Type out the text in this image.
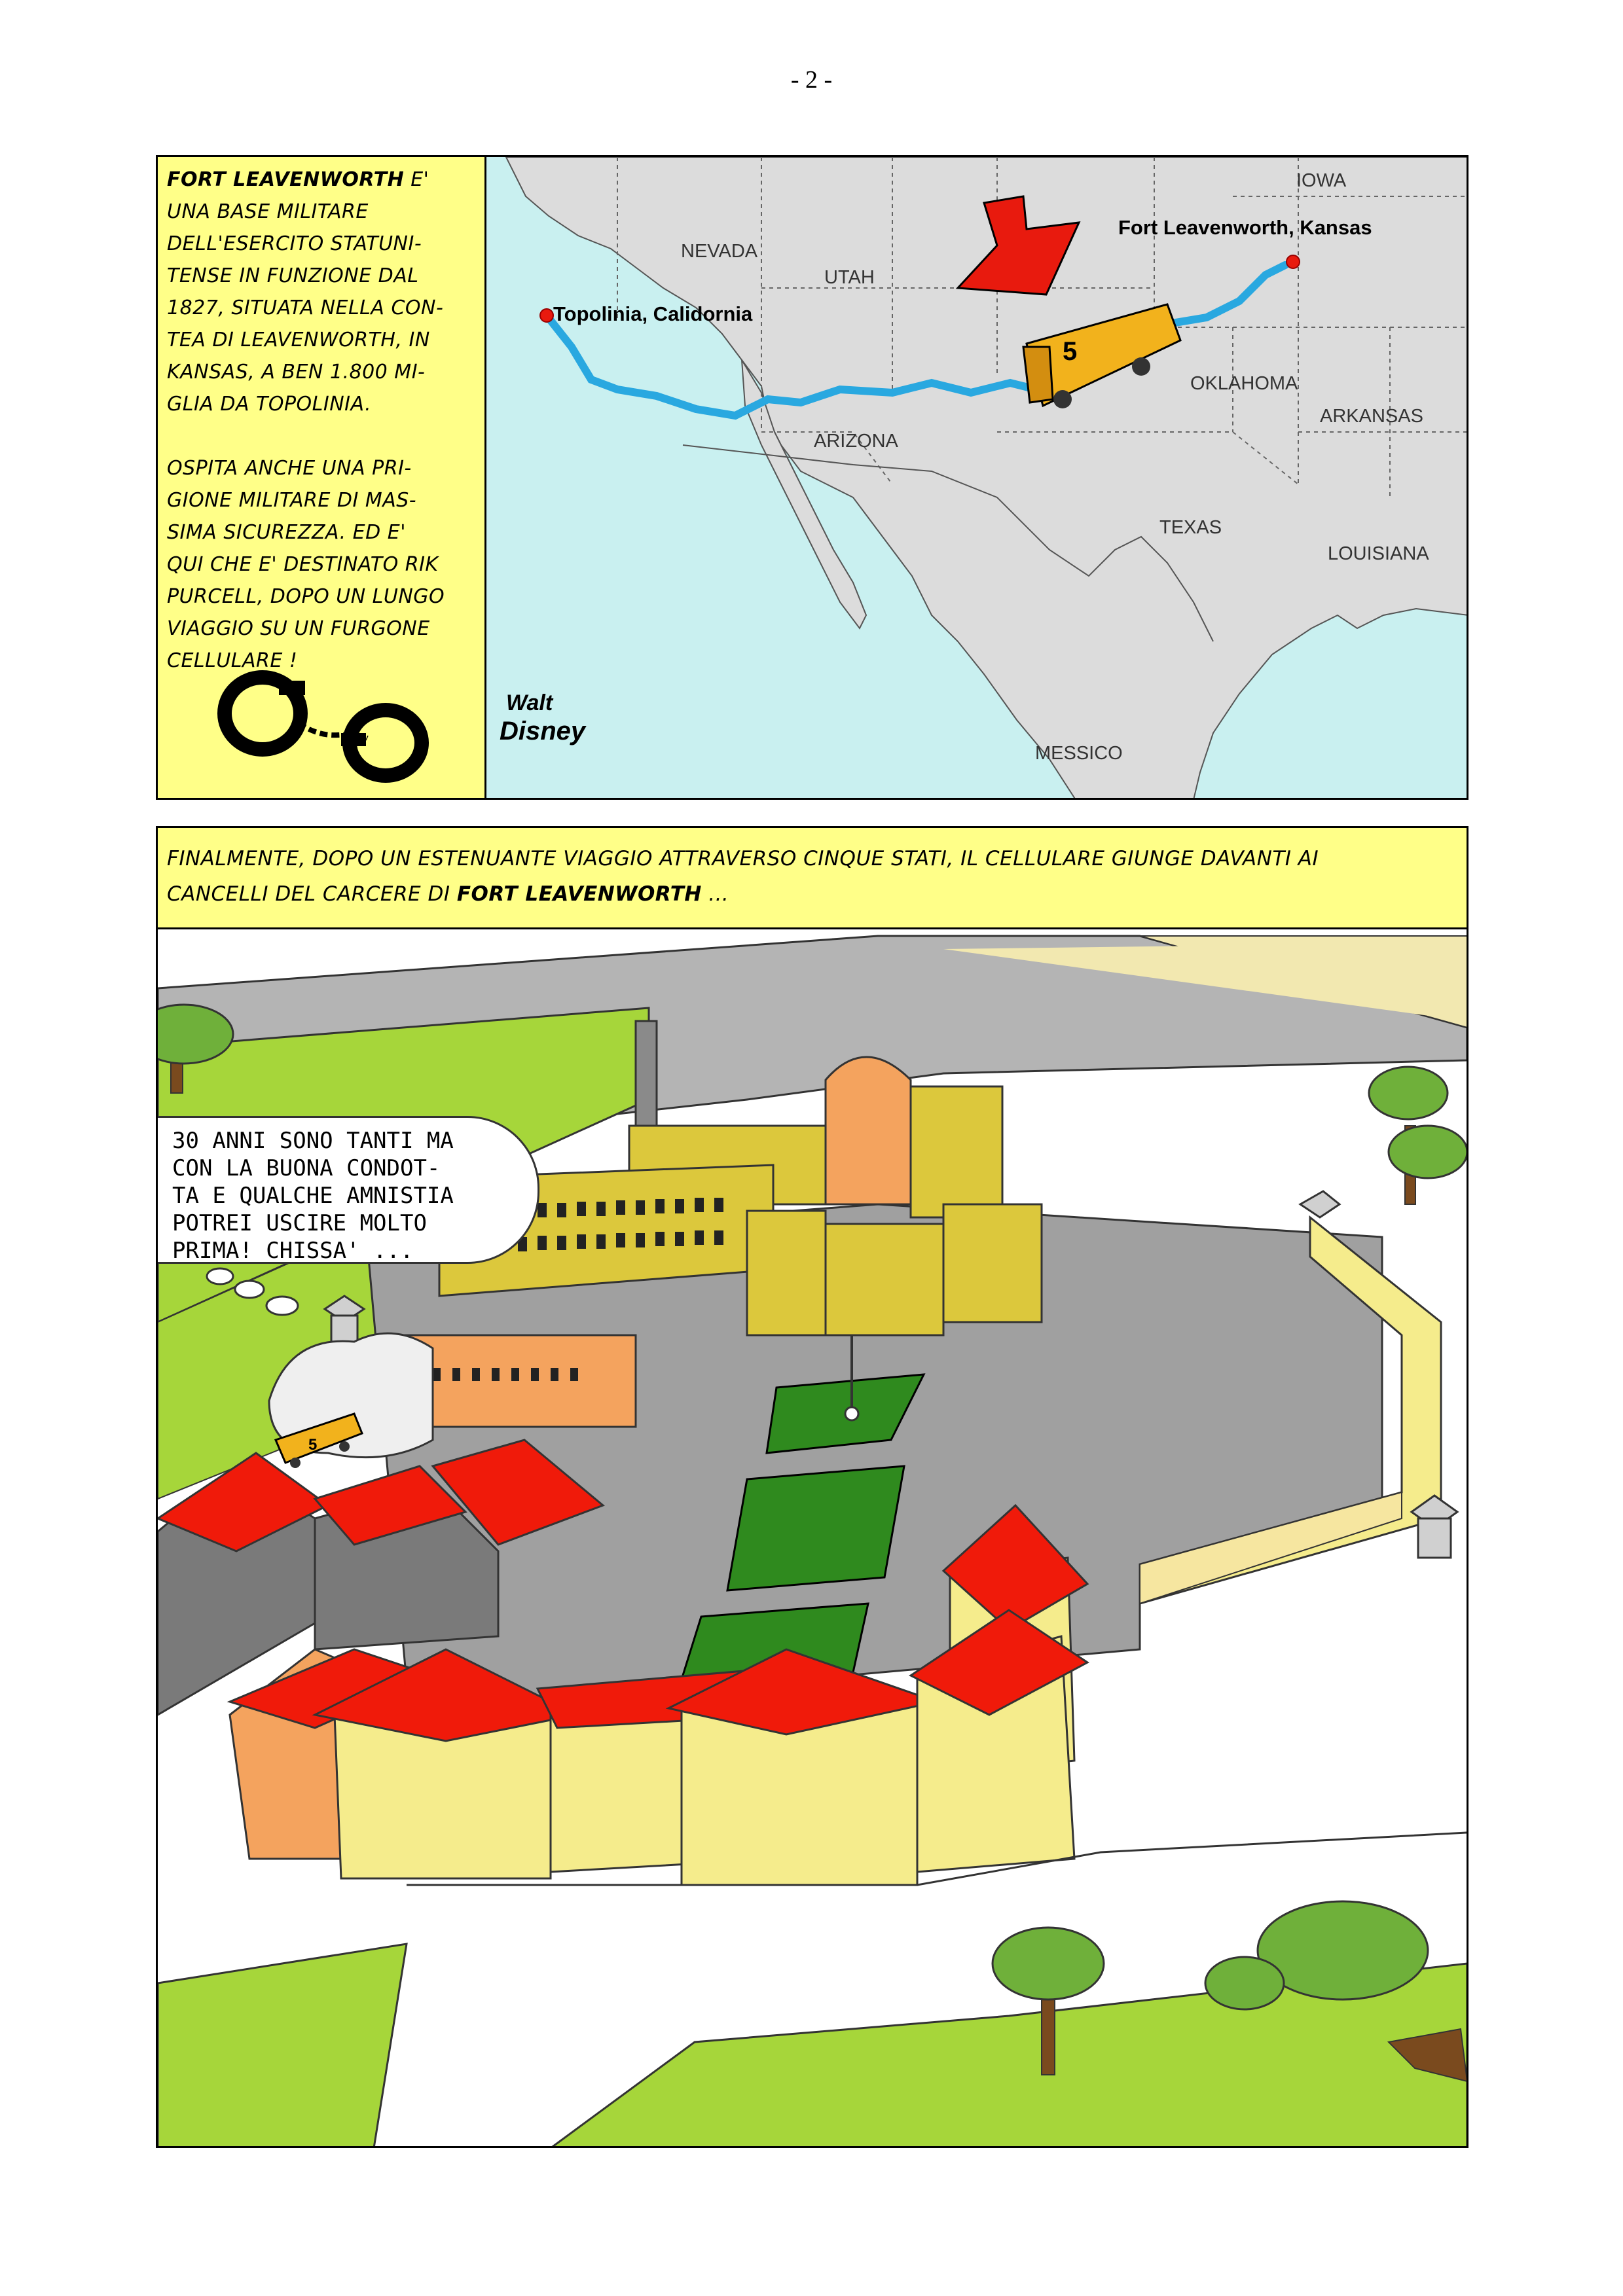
- 2 -
FORT LEAVENWORTH E'
UNA BASE MILITARE
DELL'ESERCITO STATUNI-
TENSE IN FUNZIONE DAL
1827, SITUATA NELLA CON-
TEA DI LEAVENWORTH, IN
KANSAS, A BEN 1.800 MI-
GLIA DA TOPOLINIA.
OSPITA ANCHE UNA PRI-
GIONE MILITARE DI MAS-
SIMA SICUREZZA. ED E'
QUI CHE E' DESTINATO RIK
PURCELL, DOPO UN LUNGO
VIAGGIO SU UN FURGONE
CELLULARE !
5
Walt
Disney
IOWA
NEVADA
UTAH
OKLAHOMA
ARKANSAS
ARIZONA
TEXAS
LOUISIANA
MESSICO
Topolinia, Calidornia
Fort Leavenworth, Kansas
FINALMENTE, DOPO UN ESTENUANTE VIAGGIO ATTRAVERSO CINQUE STATI, IL CELLULARE GIUNGE DAVANTI AI
CANCELLI DEL CARCERE DI FORT LEAVENWORTH ...
5
30 ANNI SONO TANTI MA
CON LA BUONA CONDOT-
TA E QUALCHE AMNISTIA
POTREI USCIRE MOLTO
PRIMA! CHISSA' ...
